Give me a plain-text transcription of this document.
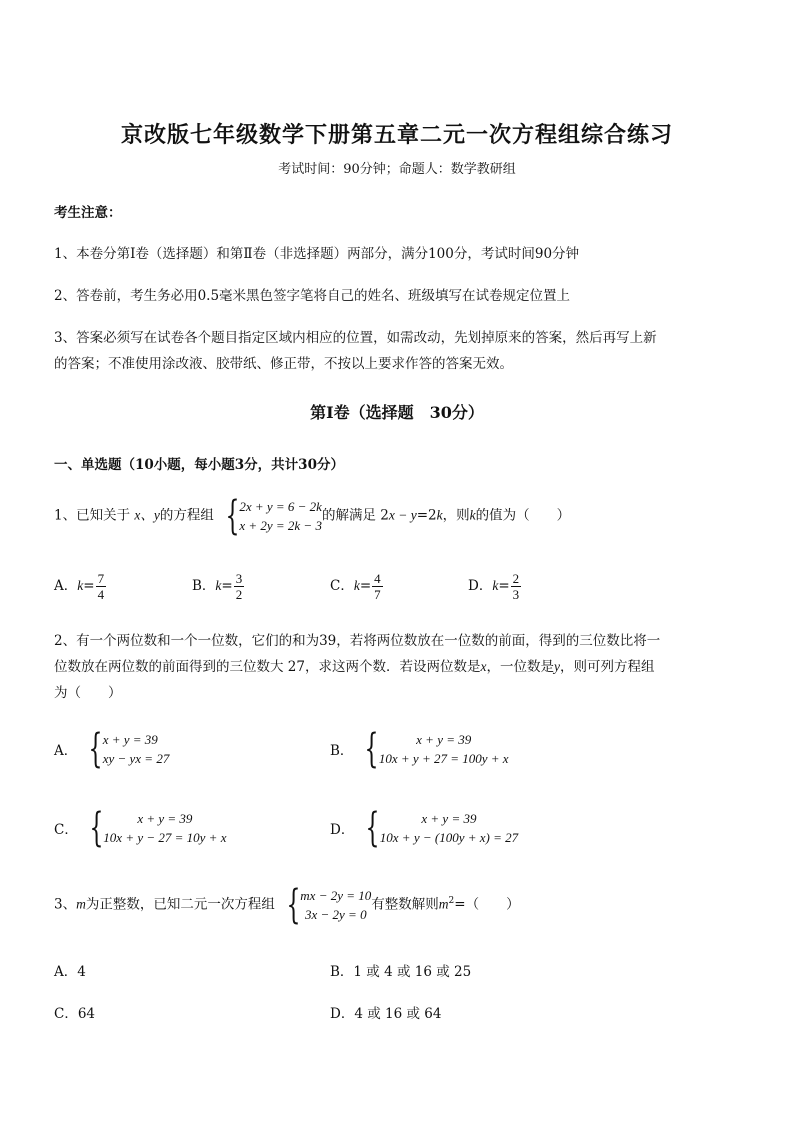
京改版七年级数学下册第五章二元一次方程组综合练习
考试时间：90分钟；命题人：数学教研组
考生注意：
1、本卷分第Ⅰ卷（选择题）和第Ⅱ卷（非选择题）两部分，满分100分，考试时间90分钟
2、答卷前，考生务必用0.5毫米黑色签字笔将自己的姓名、班级填写在试卷规定位置上
3、答案必须写在试卷各个题目指定区域内相应的位置，如需改动，先划掉原来的答案，然后再写上新
的答案；不准使用涂改液、胶带纸、修正带，不按以上要求作答的答案无效。
第Ⅰ卷（选择题　30分）
一、单选题（10小题，每小题3分，共计30分）
1、已知关于 x、y的方程组 { 2x + y = 6 − 2k
x + 2y = 2k − 3
的解满足 2x − y=2k，则k的值为（　　）
A．$k= \frac{7}{4}$	B．$k= \frac{3}{2}$	C．$k= \frac{4}{7}$	D．$k= \frac{2}{3}$
2、有一个两位数和一个一位数，它们的和为39，若将两位数放在一位数的前面，得到的三位数比将一
位数放在两位数的前面得到的三位数大 27，求这两个数．若设两位数是x，一位数是y，则可列方程组
为（　　）
A． { x + y = 39
xy − yx = 27	B． {	x + y = 39
10x + y + 27 = 100y + x
C． {	x + y = 39
10x + y − 27 = 10y + x	D． {	x + y = 39
10x + y − (100y + x) = 27
3、m为正整数，已知二元一次方程组 { mx − 2y = 10
3x − 2y = 0
有整数解则$m^2=$（　　）
A．4	B．1 或 4 或 16 或 25
C．64	D．4 或 16 或 64
